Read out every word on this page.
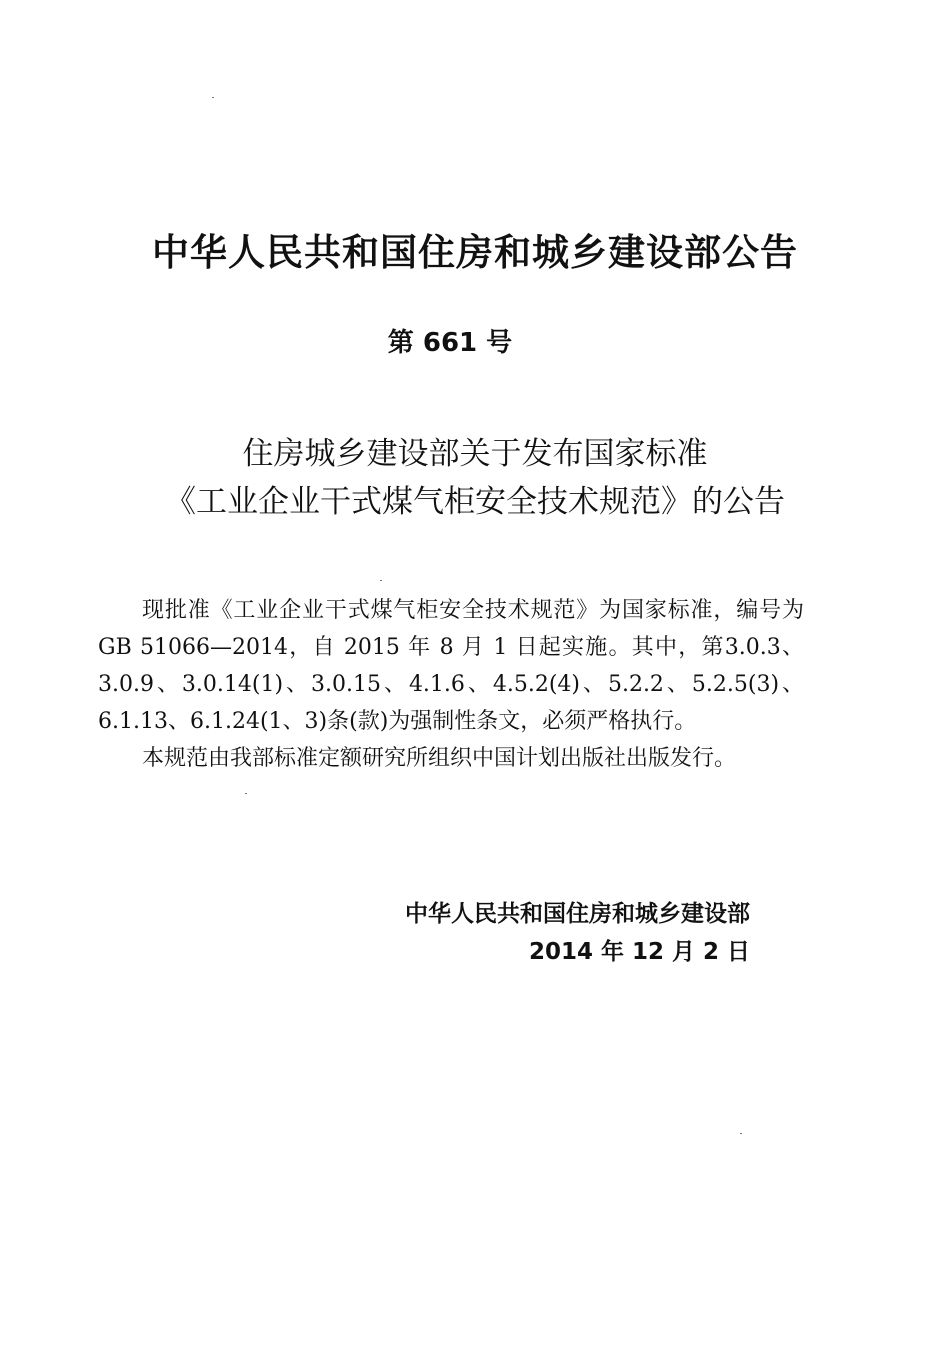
中华人民共和国住房和城乡建设部公告
第 661 号
住房城乡建设部关于发布国家标准
《工业企业干式煤气柜安全技术规范》的公告

现批准《工业企业干式煤气柜安全技术规范》为国家标准，编号为 GB 51066—2014，自 2015 年 8 月 1 日起实施。其中，第3.0.3、3.0.9、3.0.14(1)、3.0.15、4.1.6、4.5.2(4)、5.2.2、5.2.5(3)、6.1.13、6.1.24(1、3)条(款)为强制性条文，必须严格执行。

本规范由我部标准定额研究所组织中国计划出版社出版发行。

中华人民共和国住房和城乡建设部
2014 年 12 月 2 日
